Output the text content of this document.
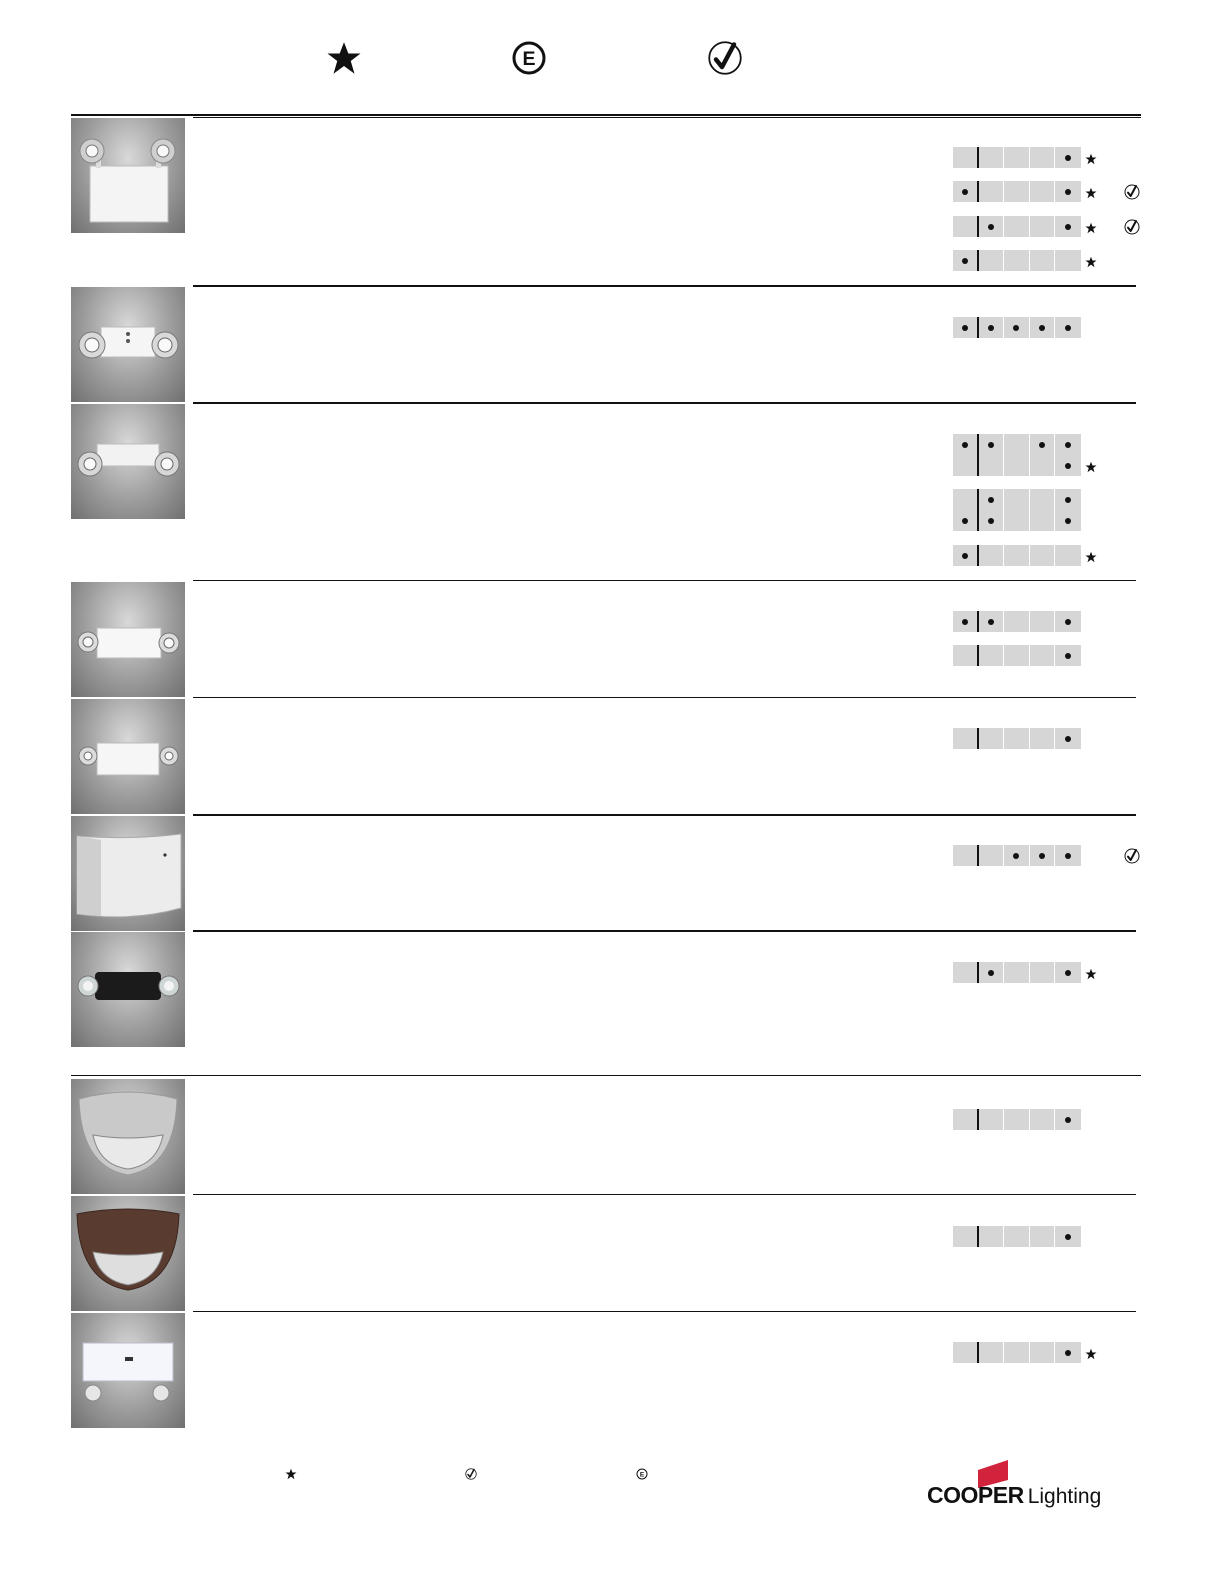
E
E
COOPER Lighting
